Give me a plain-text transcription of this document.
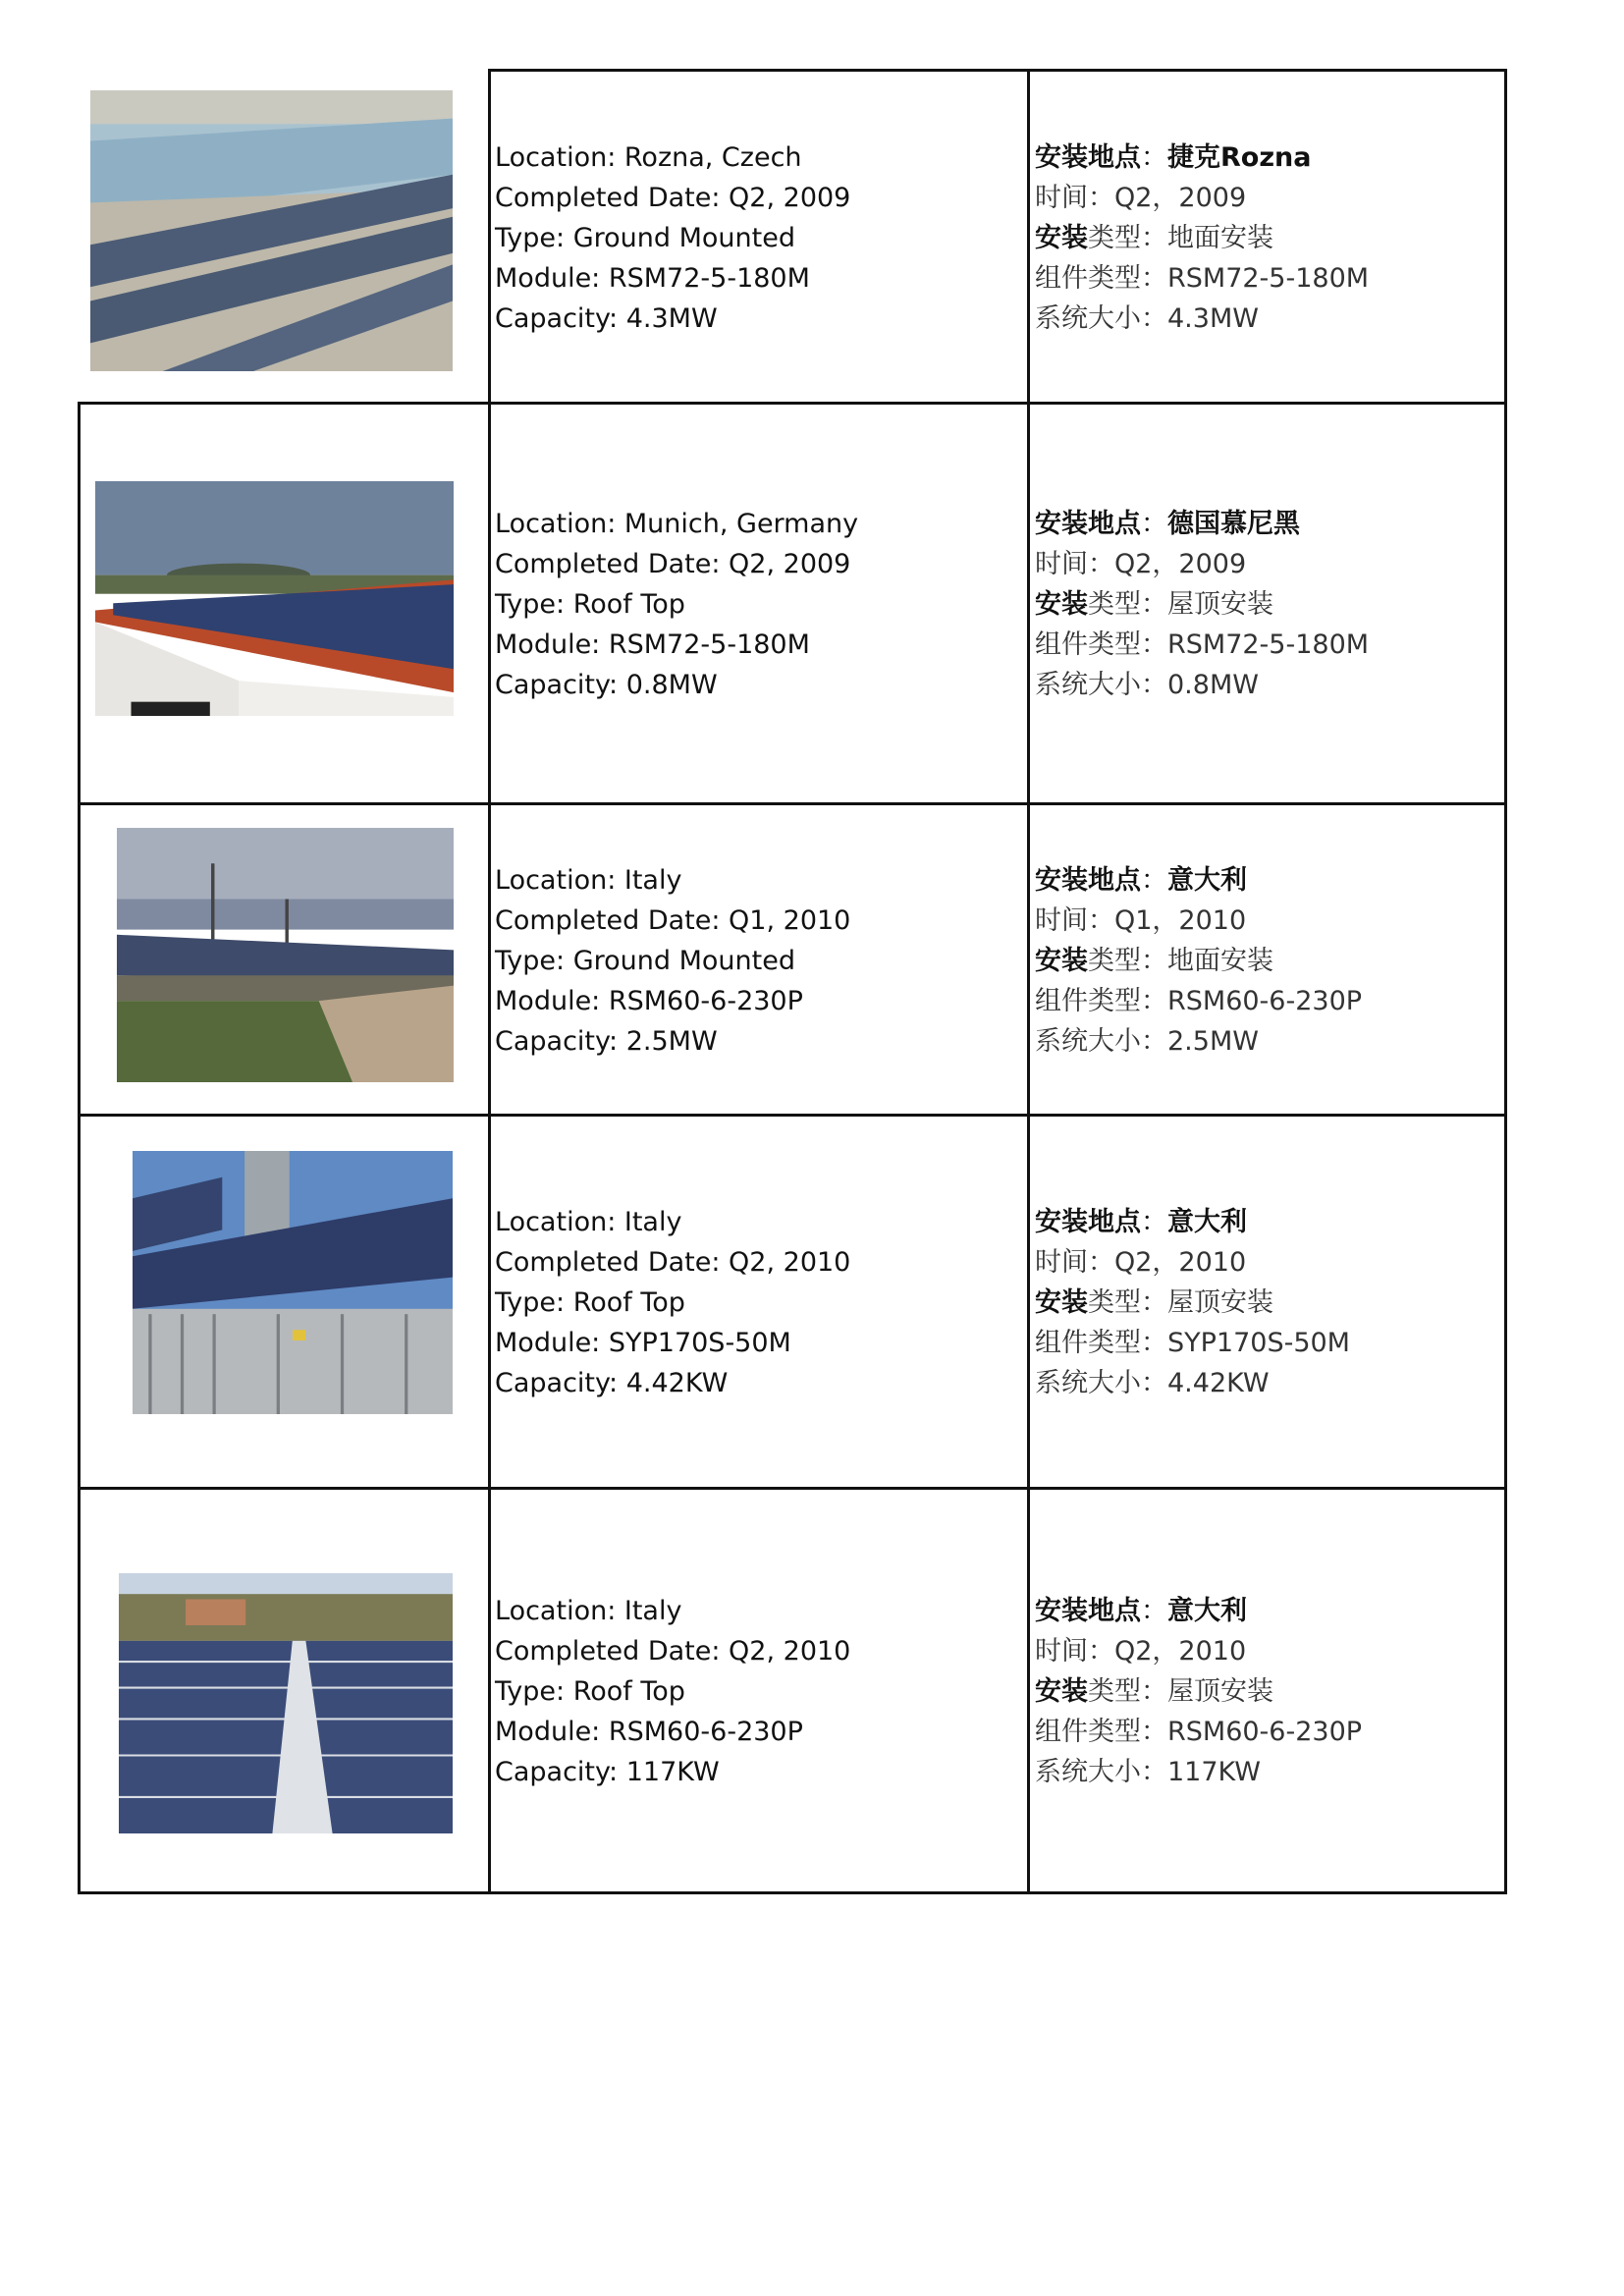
Location: Rozna, Czech
Completed Date: Q2, 2009
Type: Ground Mounted
Module: RSM72-5-180M
Capacity: 4.3MW
安装地点：捷克Rozna
时间：Q2，2009
安装类型：地面安装
组件类型：RSM72-5-180M
系统大小：4.3MW
Location: Munich, Germany
Completed Date: Q2, 2009
Type: Roof Top
Module: RSM72-5-180M
Capacity: 0.8MW
安装地点：德国慕尼黑
时间：Q2，2009
安装类型：屋顶安装
组件类型：RSM72-5-180M
系统大小：0.8MW
Location: Italy
Completed Date: Q1, 2010
Type: Ground Mounted
Module: RSM60-6-230P
Capacity: 2.5MW
安装地点：意大利
时间：Q1，2010
安装类型：地面安装
组件类型：RSM60-6-230P
系统大小：2.5MW
Location: Italy
Completed Date: Q2, 2010
Type: Roof Top
Module: SYP170S-50M
Capacity: 4.42KW
安装地点：意大利
时间：Q2，2010
安装类型：屋顶安装
组件类型：SYP170S-50M
系统大小：4.42KW
Location: Italy
Completed Date: Q2, 2010
Type: Roof Top
Module: RSM60-6-230P
Capacity: 117KW
安装地点：意大利
时间：Q2，2010
安装类型：屋顶安装
组件类型：RSM60-6-230P
系统大小：117KW
